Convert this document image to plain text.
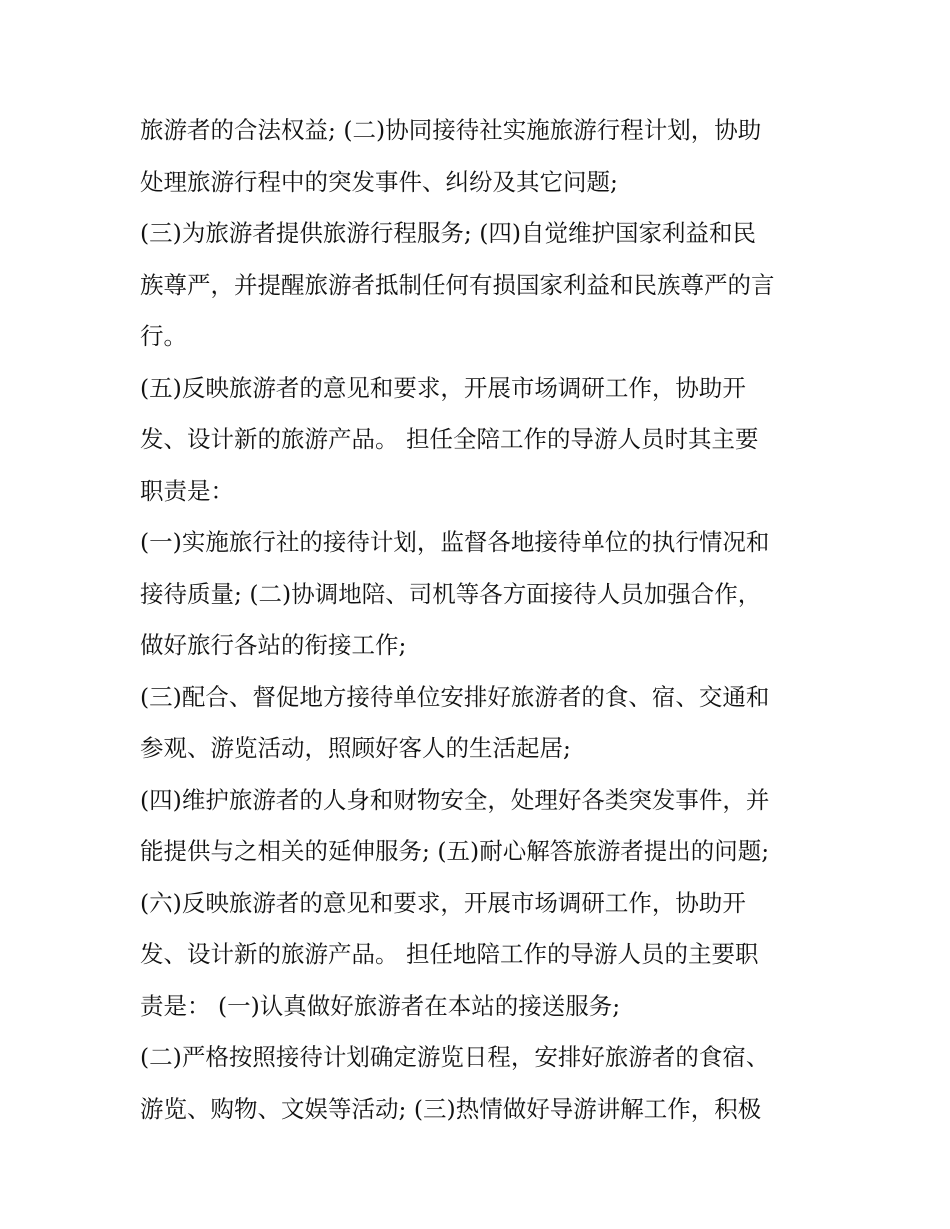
旅游者的合法权益; (二)协同接待社实施旅游行程计划，协助
处理旅游行程中的突发事件、纠纷及其它问题;
(三)为旅游者提供旅游行程服务; (四)自觉维护国家利益和民
族尊严，并提醒旅游者抵制任何有损国家利益和民族尊严的言
行。
(五)反映旅游者的意见和要求，开展市场调研工作，协助开
发、设计新的旅游产品。 担任全陪工作的导游人员时其主要
职责是：
(一)实施旅行社的接待计划，监督各地接待单位的执行情况和
接待质量; (二)协调地陪、司机等各方面接待人员加强合作，
做好旅行各站的衔接工作;
(三)配合、督促地方接待单位安排好旅游者的食、宿、交通和
参观、游览活动，照顾好客人的生活起居;
(四)维护旅游者的人身和财物安全，处理好各类突发事件，并
能提供与之相关的延伸服务; (五)耐心解答旅游者提出的问题;
(六)反映旅游者的意见和要求，开展市场调研工作，协助开
发、设计新的旅游产品。 担任地陪工作的导游人员的主要职
责是： (一)认真做好旅游者在本站的接送服务;
(二)严格按照接待计划确定游览日程，安排好旅游者的食宿、
游览、购物、文娱等活动; (三)热情做好导游讲解工作，积极
